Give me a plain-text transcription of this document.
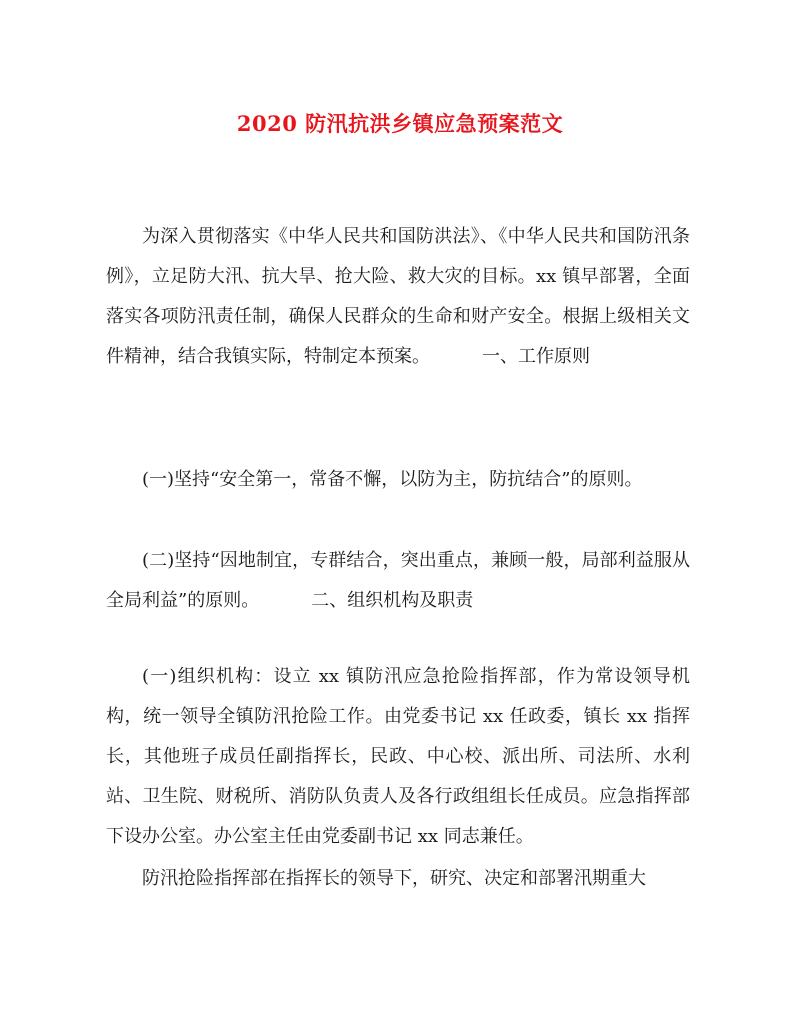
2020 防汛抗洪乡镇应急预案范文

为深入贯彻落实《中华人民共和国防洪法》、《中华人民共和国防汛条例》，立足防大汛、抗大旱、抢大险、救大灾的目标。xx 镇早部署，全面落实各项防汛责任制，确保人民群众的生命和财产安全。根据上级相关文件精神，结合我镇实际，特制定本预案。	一、工作原则

(一)坚持“安全第一，常备不懈，以防为主，防抗结合”的原则。

(二)坚持“因地制宜，专群结合，突出重点，兼顾一般，局部利益服从全局利益”的原则。	二、组织机构及职责

(一)组织机构：设立 xx 镇防汛应急抢险指挥部，作为常设领导机构，统一领导全镇防汛抢险工作。由党委书记 xx 任政委，镇长 xx 指挥长，其他班子成员任副指挥长，民政、中心校、派出所、司法所、水利站、卫生院、财税所、消防队负责人及各行政组组长任成员。应急指挥部下设办公室。办公室主任由党委副书记 xx 同志兼任。

防汛抢险指挥部在指挥长的领导下，研究、决定和部署汛期重大
